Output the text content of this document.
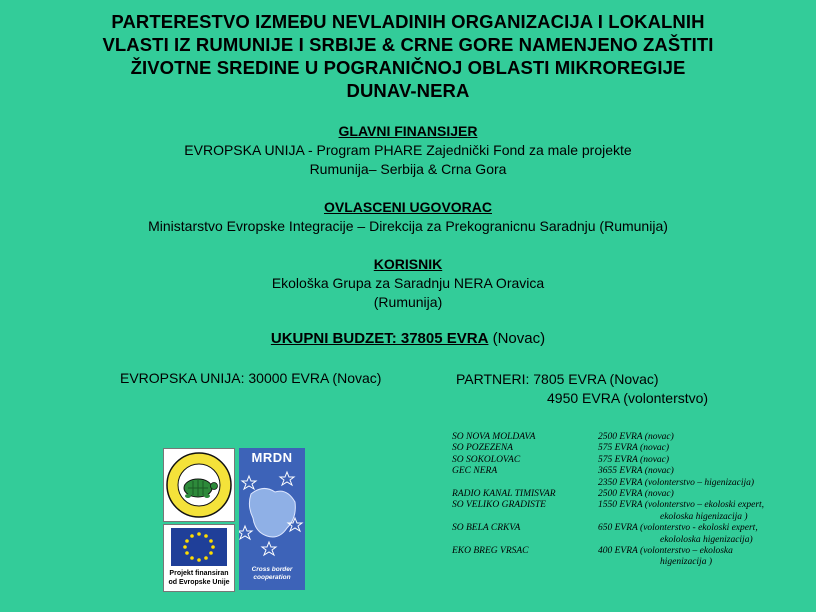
PARTERESTVO IZMEĐU NEVLADINIH ORGANIZACIJA I LOKALNIH
VLASTI IZ RUMUNIJE I SRBIJE & CRNE GORE NAMENJENO ZAŠTITI
ŽIVOTNE SREDINE U POGRANIČNOJ OBLASTI MIKROREGIJE
DUNAV-NERA
GLAVNI FINANSIJER
EVROPSKA UNIJA - Program PHARE Zajednički Fond za male projekte
Rumunija– Serbija & Crna Gora
OVLASCENI UGOVORAC
Ministarstvo Evropske Integracije – Direkcija za Prekogranicnu Saradnju (Rumunija)
KORISNIK
Ekološka Grupa za Saradnju NERA Oravica
(Rumunija)
UKUPNI BUDZET: 37805 EVRA (Novac)
EVROPSKA UNIJA: 30000 EVRA (Novac)	PARTNERI: 7805 EVRA (Novac)
4950 EVRA (volonterstvo)
SO NOVA MOLDAVA	2500 EVRA (novac)
SO POZEZENA	575 EVRA (novac)
SO SOKOLOVAC	575 EVRA (novac)
GEC NERA	3655 EVRA (novac)
2350 EVRA (volonterstvo – higenizacija)
RADIO KANAL TIMISVAR	2500 EVRA (novac)
SO VELIKO GRADISTE	1550 EVRA (volonterstvo – ekoloski expert,
ekoloska higenizacija )
SO BELA CRKVA	650 EVRA (volonterstvo - ekoloski expert,
ekololoska higenizacija)
EKO BREG VRSAC	400 EVRA (volonterstvo – ekoloska
higenizacija )
MRDN
Cross border cooperation
Projekt finansiran
od Evropske Unije
